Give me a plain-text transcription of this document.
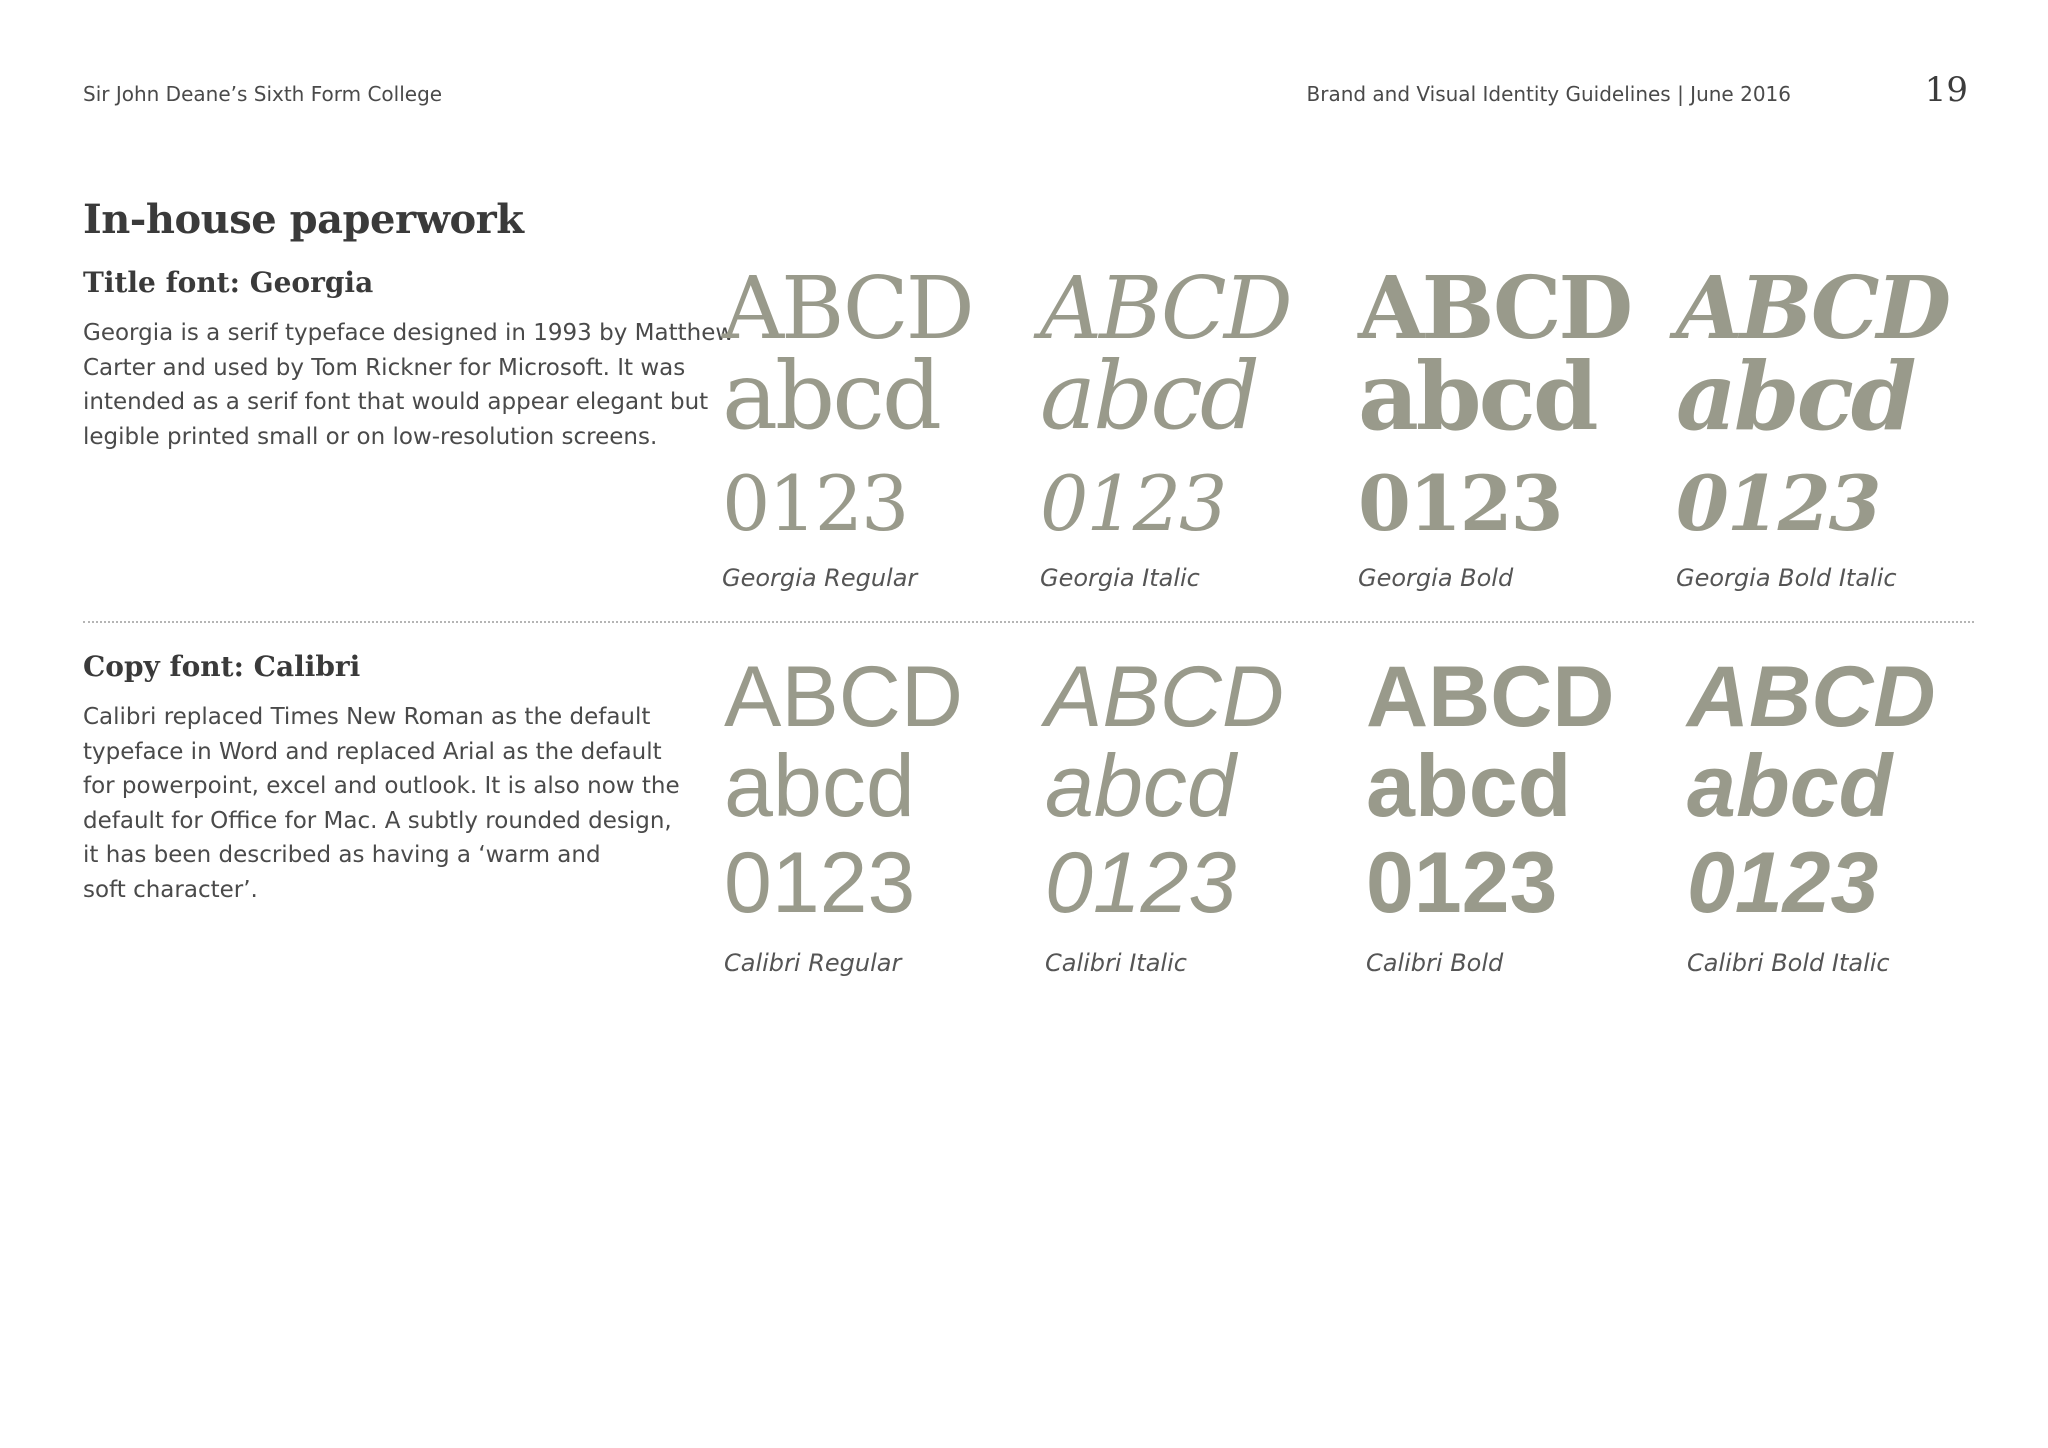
Sir John Deane’s Sixth Form College	Brand and Visual Identity Guidelines | June 2016	19
In-house paperwork
Title font: Georgia

Georgia is a serif typeface designed in 1993 by Matthew
Carter and used by Tom Rickner for Microsoft. It was
intended as a serif font that would appear elegant but
legible printed small or on low-resolution screens.

ABCD
abcd
0123
Georgia Regular
ABCD
abcd
0123
Georgia Italic
ABCD
abcd
0123
Georgia Bold
ABCD
abcd
0123
Georgia Bold Italic
Copy font: Calibri

Calibri replaced Times New Roman as the default
typeface in Word and replaced Arial as the default
for powerpoint, excel and outlook. It is also now the
default for Office for Mac. A subtly rounded design,
it has been described as having a ‘warm and
soft character’.

ABCD
abcd
0123
Calibri Regular
ABCD
abcd
0123
Calibri Italic
ABCD
abcd
0123
Calibri Bold
ABCD
abcd
0123
Calibri Bold Italic
